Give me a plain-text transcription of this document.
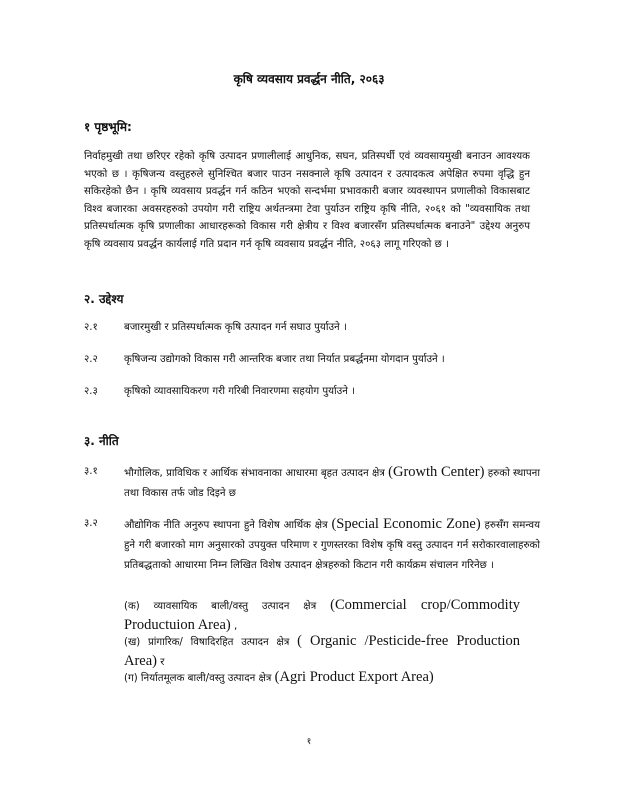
कृषि व्यवसाय प्रवर्द्धन नीति, २०६३
१ पृष्ठभूमि:

निर्वाहमुखी तथा छरिएर रहेको कृषि उत्पादन प्रणालीलाई आधुनिक, सघन, प्रतिस्पर्धी एवं व्यवसायमुखी बनाउन आवश्यक भएको छ । कृषिजन्य वस्तुहरुले सुनिश्चित बजार पाउन नसक्नाले कृषि उत्पादन र उत्पादकत्व अपेक्षित रुपमा वृद्धि हुन सकिरहेको छैन । कृषि व्यवसाय प्रवर्द्धन गर्न कठिन भएको सन्दर्भमा प्रभावकारी बजार व्यवस्थापन प्रणालीको विकासबाट विश्व बजारका अवसरहरुको उपयोग गरी राष्ट्रिय अर्थतन्त्रमा टेवा पुर्याउन राष्ट्रिय कृषि नीति, २०६१ को "व्यवसायिक तथा प्रतिस्पर्धात्मक कृषि प्रणालीका आधारहरूको विकास गरी क्षेत्रीय र विश्व बजारसँग प्रतिस्पर्धात्मक बनाउने" उद्देश्य अनुरुप कृषि व्यवसाय प्रवर्द्धन कार्यलाई गति प्रदान गर्न कृषि व्यवसाय प्रवर्द्धन नीति, २०६३ लागू गरिएको छ ।

२. उद्देश्य
२.१	बजारमुखी र प्रतिस्पर्धात्मक कृषि उत्पादन गर्न सघाउ पुर्याउने ।
२.२	कृषिजन्य उद्योगको विकास गरी आन्तरिक बजार तथा निर्यात प्रबर्द्धनमा योगदान पुर्याउने ।
२.३	कृषिको व्यावसायिकरण गरी गरिबी निवारणमा सहयोग पुर्याउने ।
३. नीति
३.१	भौगोलिक, प्राविधिक र आर्थिक संभावनाका आधारमा बृहत उत्पादन क्षेत्र (Growth Center) हरुको स्थापना तथा विकास तर्फ जोड दिइने छ
३.२	औद्योगिक नीति अनुरुप स्थापना हुने विशेष आर्थिक क्षेत्र (Special Economic Zone) हरुसँग समन्वय हुने गरी बजारको माग अनुसारको उपयुक्त परिमाण र गुणस्तरका विशेष कृषि वस्तु उत्पादन गर्न सरोकारवालाहरुको प्रतिबद्धताको आधारमा निम्न लिखित विशेष उत्पादन क्षेत्रहरुको किटान गरी कार्यक्रम संचालन गरिनेछ ।
(क) व्यावसायिक बाली/वस्तु उत्पादन क्षेत्र (Commercial crop/Commodity Productuion Area) ,
(ख) प्रांगारिक/ विषादिरहित उत्पादन क्षेत्र ( Organic /Pesticide-free Production Area) र
(ग) निर्यातमूलक बाली/वस्तु उत्पादन क्षेत्र (Agri Product Export Area)
१
